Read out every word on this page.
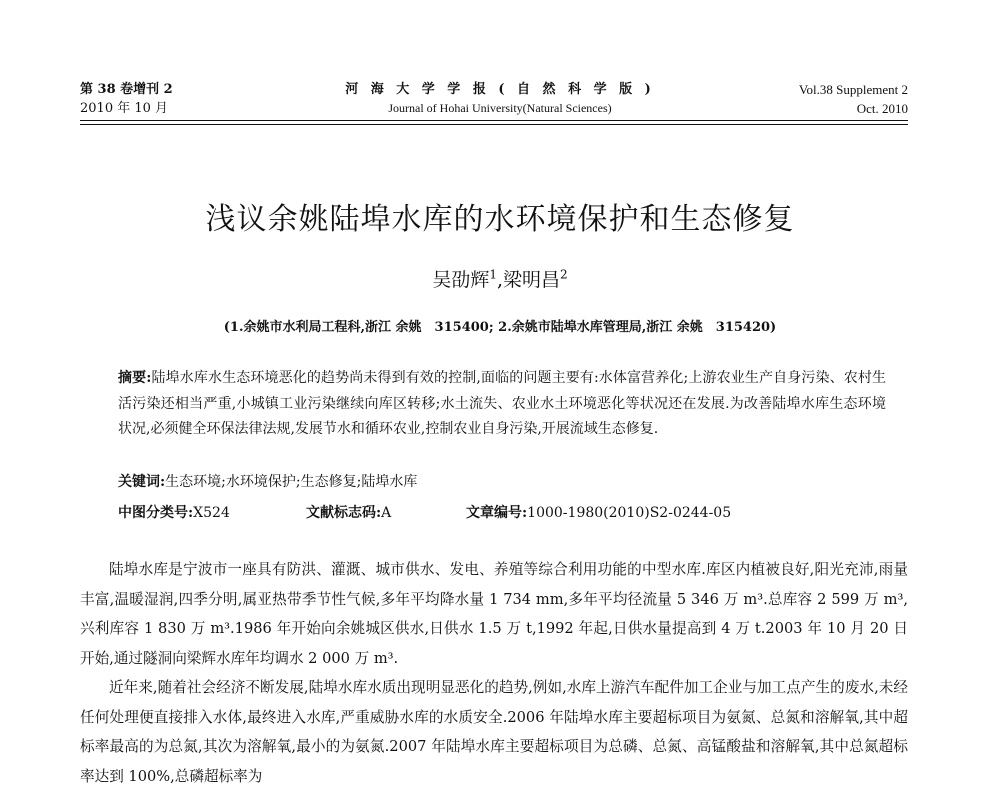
第 38 卷增刊 2
2010 年 10 月
河 海 大 学 学 报 ( 自 然 科 学 版 )
Journal of Hohai University(Natural Sciences)
Vol.38 Supplement 2
Oct. 2010
浅议余姚陆埠水库的水环境保护和生态修复
吴劭辉$^1$,梁明昌$^2$
(1.余姚市水利局工程科,浙江 余姚　315400; 2.余姚市陆埠水库管理局,浙江 余姚　315420)
摘要:陆埠水库水生态环境恶化的趋势尚未得到有效的控制,面临的问题主要有:水体富营养化;上游农业生产自身污染、农村生活污染还相当严重,小城镇工业污染继续向库区转移;水土流失、农业水土环境恶化等状况还在发展.为改善陆埠水库生态环境状况,必须健全环保法律法规,发展节水和循环农业,控制农业自身污染,开展流域生态修复.
关键词:生态环境;水环境保护;生态修复;陆埠水库
中图分类号:X524	文献标志码:A	文章编号:1000-1980(2010)S2-0244-05

陆埠水库是宁波市一座具有防洪、灌溉、城市供水、发电、养殖等综合利用功能的中型水库.库区内植被良好,阳光充沛,雨量丰富,温暖湿润,四季分明,属亚热带季节性气候,多年平均降水量 1 734 mm,多年平均径流量 5 346 万 m³.总库容 2 599 万 m³,兴利库容 1 830 万 m³.1986 年开始向余姚城区供水,日供水 1.5 万 t,1992 年起,日供水量提高到 4 万 t.2003 年 10 月 20 日开始,通过隧洞向梁辉水库年均调水 2 000 万 m³.

近年来,随着社会经济不断发展,陆埠水库水质出现明显恶化的趋势,例如,水库上游汽车配件加工企业与加工点产生的废水,未经任何处理便直接排入水体,最终进入水库,严重威胁水库的水质安全.2006 年陆埠水库主要超标项目为氨氮、总氮和溶解氧,其中超标率最高的为总氮,其次为溶解氧,最小的为氨氮.2007 年陆埠水库主要超标项目为总磷、总氮、高锰酸盐和溶解氧,其中总氮超标率达到 100%,总磷超标率为
